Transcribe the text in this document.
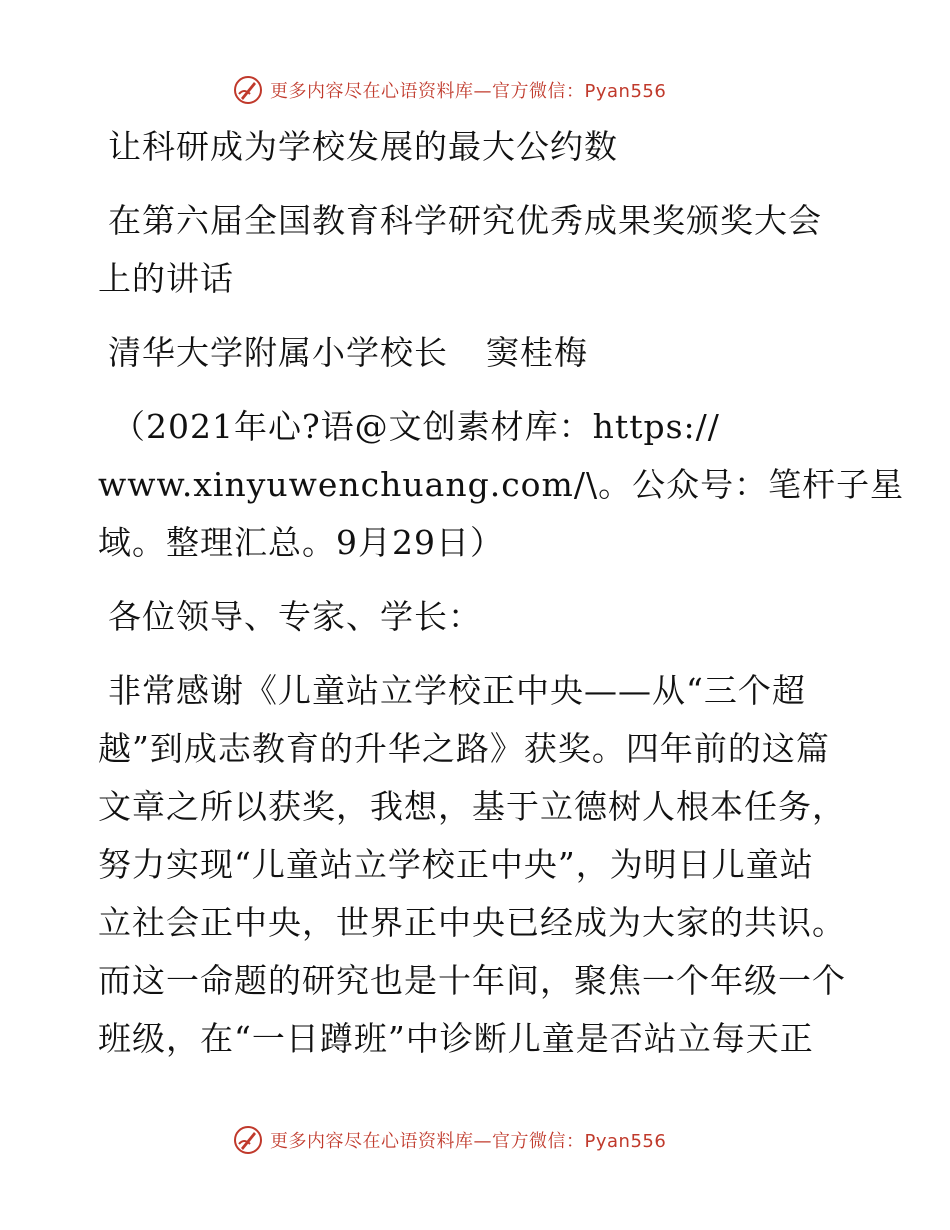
更多内容尽在心语资料库—官方微信：Pyan556
让科研成为学校发展的最大公约数
在第六届全国教育科学研究优秀成果奖颁奖大会
上的讲话
清华大学附属小学校长 窦桂梅
（2021年心?语@文创素材库：https://
www.xinyuwenchuang.com/\。公众号：笔杆子星
域。整理汇总。9月29日）
各位领导、专家、学长：
非常感谢《儿童站立学校正中央——从“三个超
越”到成志教育的升华之路》获奖。四年前的这篇
文章之所以获奖，我想，基于立德树人根本任务，
努力实现“儿童站立学校正中央”，为明日儿童站
立社会正中央，世界正中央已经成为大家的共识。
而这一命题的研究也是十年间，聚焦一个年级一个
班级，在“一日蹲班”中诊断儿童是否站立每天正
更多内容尽在心语资料库—官方微信：Pyan556
